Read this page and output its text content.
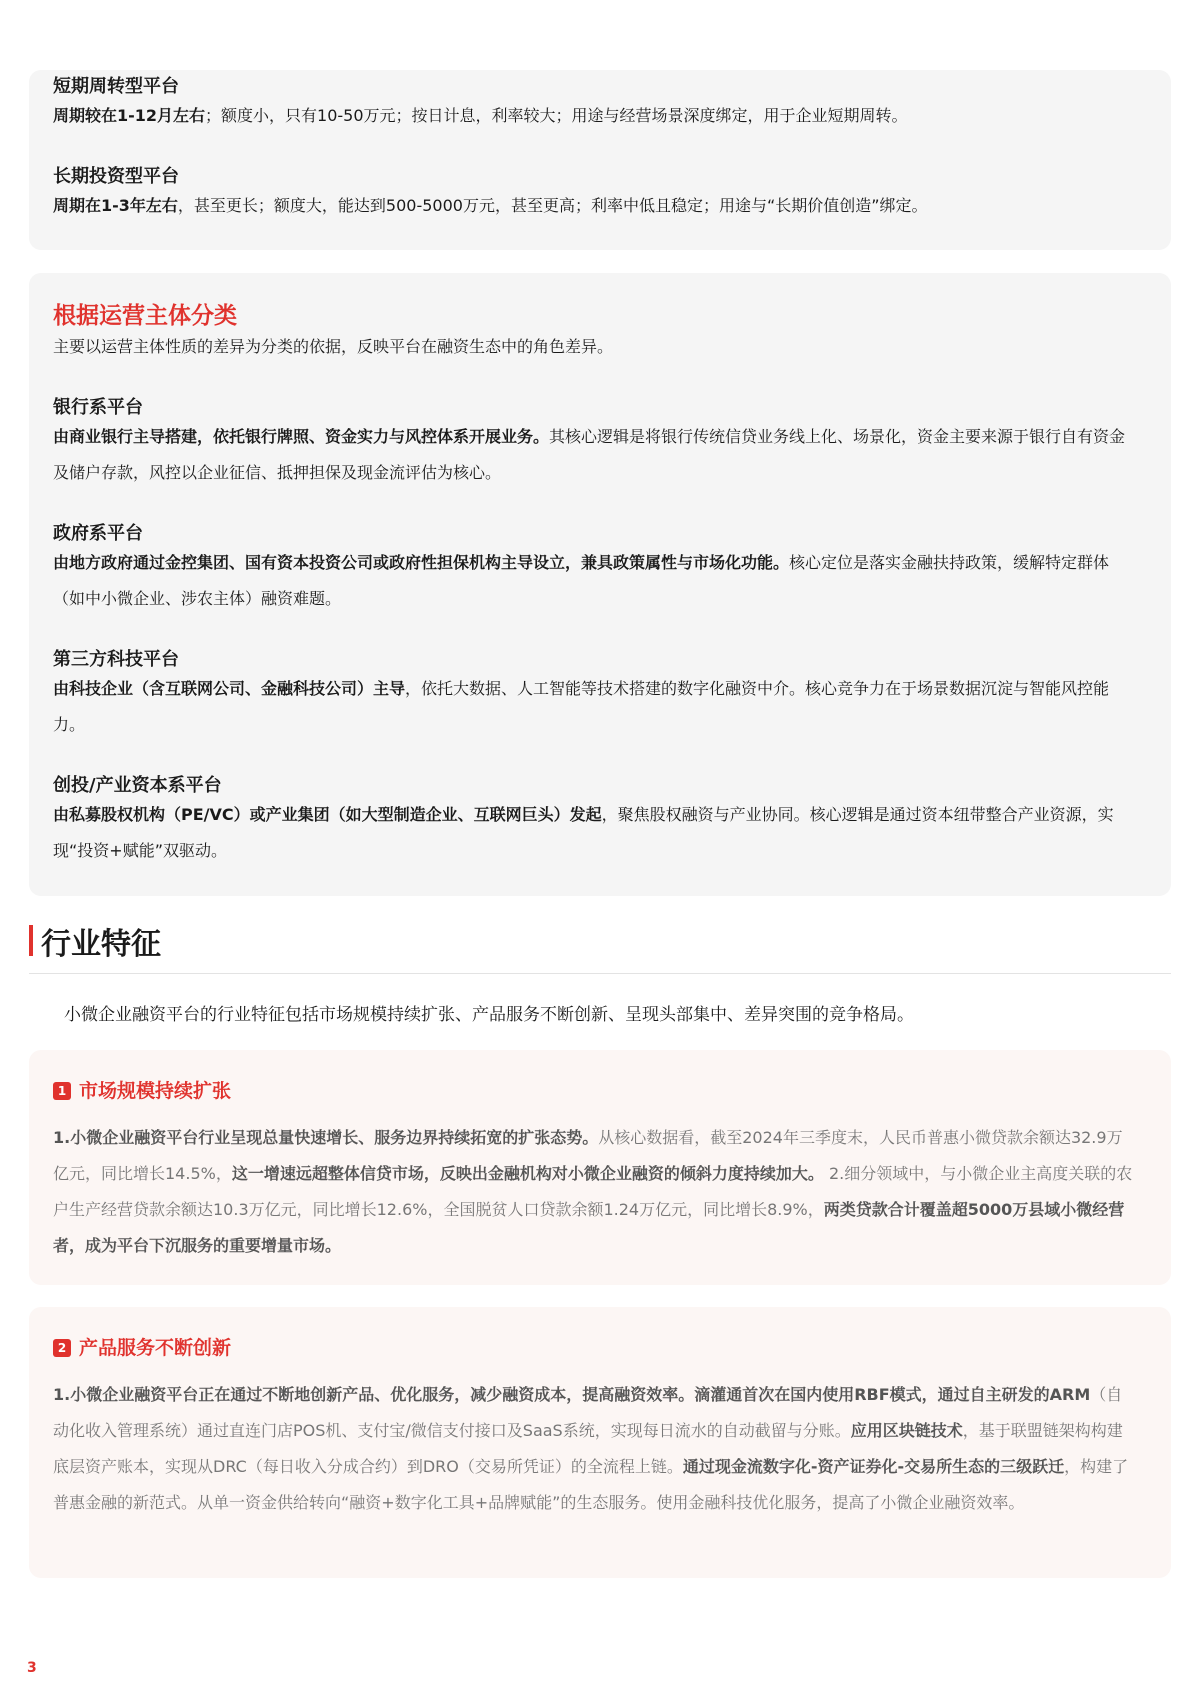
短期周转型平台

周期较在1-12月左右；额度小，只有10-50万元；按日计息，利率较大；用途与经营场景深度绑定，用于企业短期周转。

长期投资型平台

周期在1-3年左右，甚至更长；额度大，能达到500-5000万元，甚至更高；利率中低且稳定；用途与“长期价值创造”绑定。

根据运营主体分类

主要以运营主体性质的差异为分类的依据，反映平台在融资生态中的角色差异。

银行系平台

由商业银行主导搭建，依托银行牌照、资金实力与风控体系开展业务。其核心逻辑是将银行传统信贷业务线上化、场景化，资金主要来源于银行自有资金及储户存款，风控以企业征信、抵押担保及现金流评估为核心。

政府系平台

由地方政府通过金控集团、国有资本投资公司或政府性担保机构主导设立，兼具政策属性与市场化功能。核心定位是落实金融扶持政策，缓解特定群体（如中小微企业、涉农主体）融资难题。

第三方科技平台

由科技企业（含互联网公司、金融科技公司）主导，依托大数据、人工智能等技术搭建的数字化融资中介。核心竞争力在于场景数据沉淀与智能风控能力。

创投/产业资本系平台

由私募股权机构（PE/VC）或产业集团（如大型制造企业、互联网巨头）发起，聚焦股权融资与产业协同。核心逻辑是通过资本纽带整合产业资源，实现“投资+赋能”双驱动。

行业特征
小微企业融资平台的行业特征包括市场规模持续扩张、产品服务不断创新、呈现头部集中、差异突围的竞争格局。
1 市场规模持续扩张

1.小微企业融资平台行业呈现总量快速增长、服务边界持续拓宽的扩张态势。从核心数据看，截至2024年三季度末，人民币普惠小微贷款余额达32.9万亿元，同比增长14.5%，这一增速远超整体信贷市场，反映出金融机构对小微企业融资的倾斜力度持续加大。 2.细分领域中，与小微企业主高度关联的农户生产经营贷款余额达10.3万亿元，同比增长12.6%，全国脱贫人口贷款余额1.24万亿元，同比增长8.9%，两类贷款合计覆盖超5000万县域小微经营者，成为平台下沉服务的重要增量市场。

2 产品服务不断创新

1.小微企业融资平台正在通过不断地创新产品、优化服务，减少融资成本，提高融资效率。滴灌通首次在国内使用RBF模式，通过自主研发的ARM（自动化收入管理系统）通过直连门店POS机、支付宝/微信支付接口及SaaS系统，实现每日流水的自动截留与分账。应用区块链技术，基于联盟链架构构建底层资产账本，实现从DRC（每日收入分成合约）到DRO（交易所凭证）的全流程上链。通过现金流数字化-资产证券化-交易所生态的三级跃迁，构建了普惠金融的新范式。从单一资金供给转向“融资+数字化工具+品牌赋能”的生态服务。使用金融科技优化服务，提高了小微企业融资效率。

3
